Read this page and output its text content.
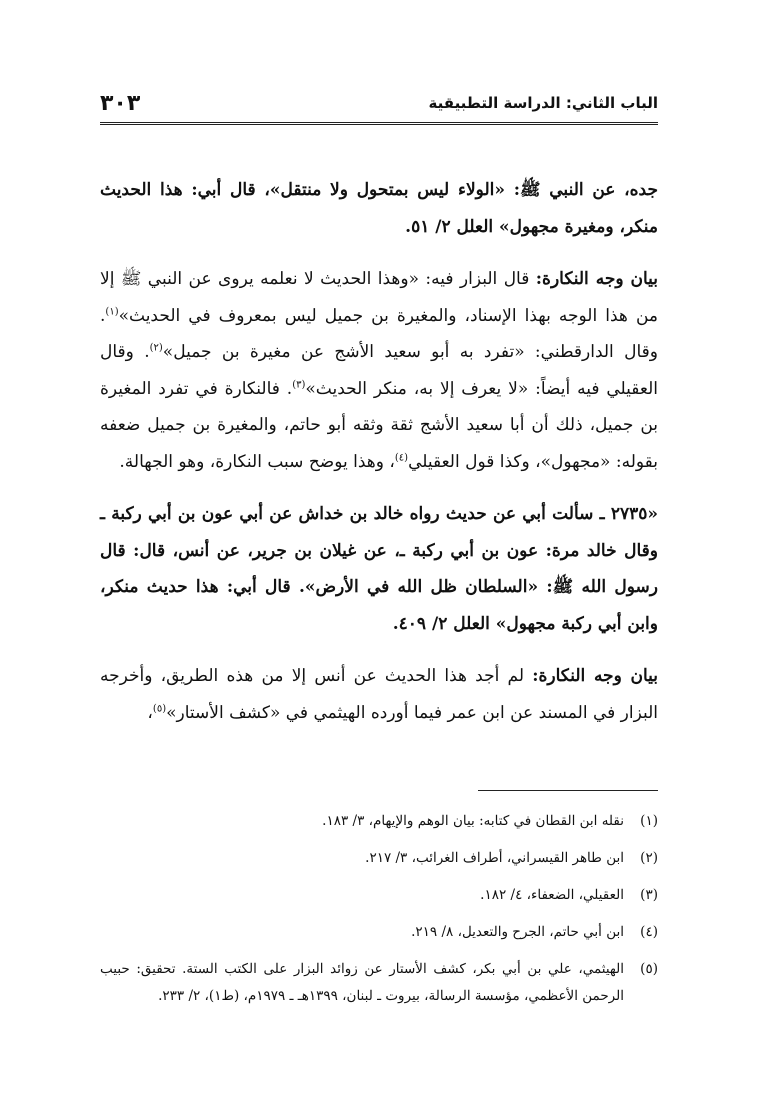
الباب الثاني: الدراسة التطبيقية
٣٠٣

جده، عن النبي ﷺ: «الولاء ليس بمتحول ولا منتقل»، قال أبي: هذا الحديث منكر، ومغيرة مجهول» العلل ٢/ ٥١.

بيان وجه النكارة: قال البزار فيه: «وهذا الحديث لا نعلمه يروى عن النبي ﷺ إلا من هذا الوجه بهذا الإسناد، والمغيرة بن جميل ليس بمعروف في الحديث»$^{(١)}$. وقال الدارقطني: «تفرد به أبو سعيد الأشج عن مغيرة بن جميل»$^{(٢)}$. وقال العقيلي فيه أيضاً: «لا يعرف إلا به، منكر الحديث»$^{(٣)}$. فالنكارة في تفرد المغيرة بن جميل، ذلك أن أبا سعيد الأشج ثقة وثقه أبو حاتم، والمغيرة بن جميل ضعفه بقوله: «مجهول»، وكذا قول العقيلي$^{(٤)}$، وهذا يوضح سبب النكارة، وهو الجهالة.

«٢٧٣٥ ـ سألت أبي عن حديث رواه خالد بن خداش عن أبي عون بن أبي ركبة ـ وقال خالد مرة: عون بن أبي ركبة ـ، عن غيلان بن جرير، عن أنس، قال: قال رسول الله ﷺ: «السلطان ظل الله في الأرض». قال أبي: هذا حديث منكر، وابن أبي ركبة مجهول» العلل ٢/ ٤٠٩.

بيان وجه النكارة: لم أجد هذا الحديث عن أنس إلا من هذه الطريق، وأخرجه البزار في المسند عن ابن عمر فيما أورده الهيثمي في «كشف الأستار»$^{(٥)}$،

(١)
نقله ابن القطان في كتابه: بيان الوهم والإيهام، ٣/ ١٨٣.
(٢)
ابن طاهر القيسراني، أطراف الغرائب، ٣/ ٢١٧.
(٣)
العقيلي، الضعفاء، ٤/ ١٨٢.
(٤)
ابن أبي حاتم، الجرح والتعديل، ٨/ ٢١٩.
(٥)
الهيثمي، علي بن أبي بكر، كشف الأستار عن زوائد البزار على الكتب الستة. تحقيق: حبيب الرحمن الأعظمي، مؤسسة الرسالة، بيروت ـ لبنان، ١٣٩٩هـ ـ ١٩٧٩م، (ط١)، ٢/ ٢٣٣.
